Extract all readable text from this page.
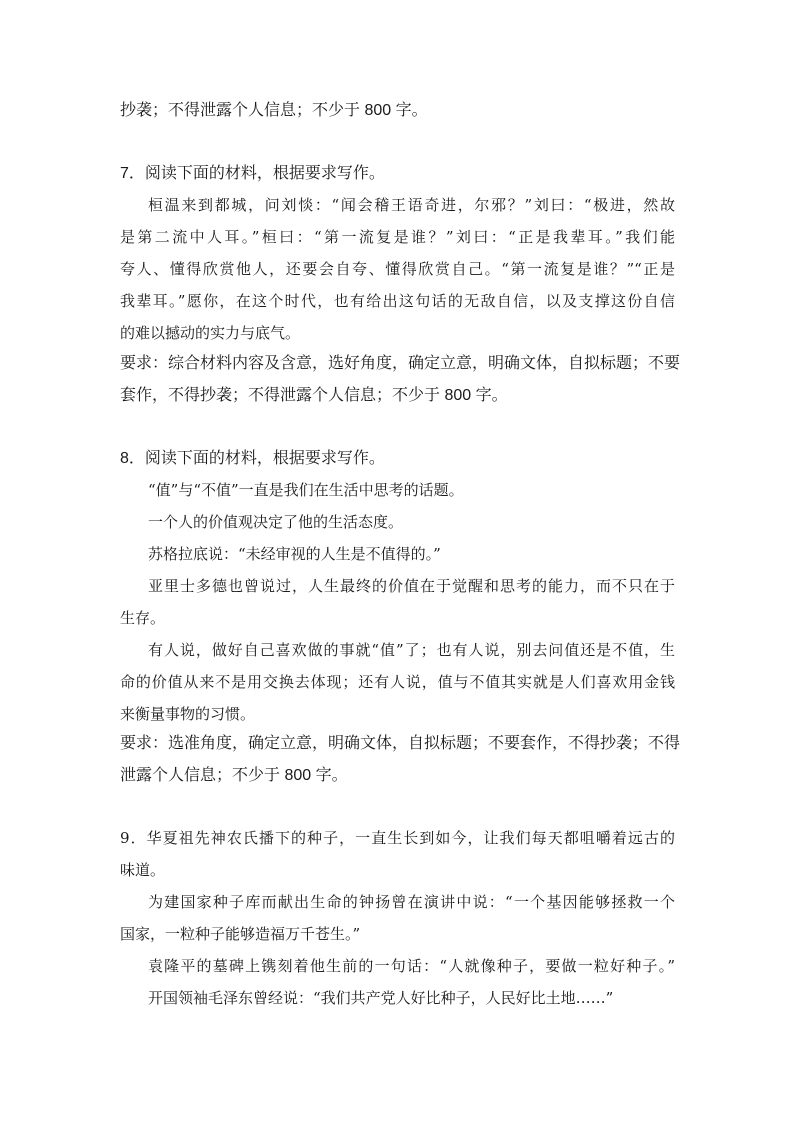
抄袭；不得泄露个人信息；不少于 800 字。

7．阅读下面的材料，根据要求写作。

桓温来到都城，问刘惔：“闻会稽王语奇进，尔邪？”刘曰：“极进，然故

是第二流中人耳。”桓曰：“第一流复是谁？”刘曰：“正是我辈耳。”我们能

夸人、懂得欣赏他人，还要会自夸、懂得欣赏自己。“第一流复是谁？”“正是

我辈耳。”愿你，在这个时代，也有给出这句话的无敌自信，以及支撑这份自信

的难以撼动的实力与底气。

要求：综合材料内容及含意，选好角度，确定立意，明确文体，自拟标题；不要

套作，不得抄袭；不得泄露个人信息；不少于 800 字。

8．阅读下面的材料，根据要求写作。

“值”与“不值”一直是我们在生活中思考的话题。

一个人的价值观决定了他的生活态度。

苏格拉底说：“未经审视的人生是不值得的。”

亚里士多德也曾说过，人生最终的价值在于觉醒和思考的能力，而不只在于

生存。

有人说，做好自己喜欢做的事就“值”了；也有人说，别去问值还是不值，生

命的价值从来不是用交换去体现；还有人说，值与不值其实就是人们喜欢用金钱

来衡量事物的习惯。

要求：选准角度，确定立意，明确文体，自拟标题；不要套作，不得抄袭；不得

泄露个人信息；不少于 800 字。

9．华夏祖先神农氏播下的种子，一直生长到如今，让我们每天都咀嚼着远古的

味道。

为建国家种子库而献出生命的钟扬曾在演讲中说：“一个基因能够拯救一个

国家，一粒种子能够造福万千苍生。”

袁隆平的墓碑上镌刻着他生前的一句话：“人就像种子，要做一粒好种子。”

开国领袖毛泽东曾经说：“我们共产党人好比种子，人民好比土地……”
